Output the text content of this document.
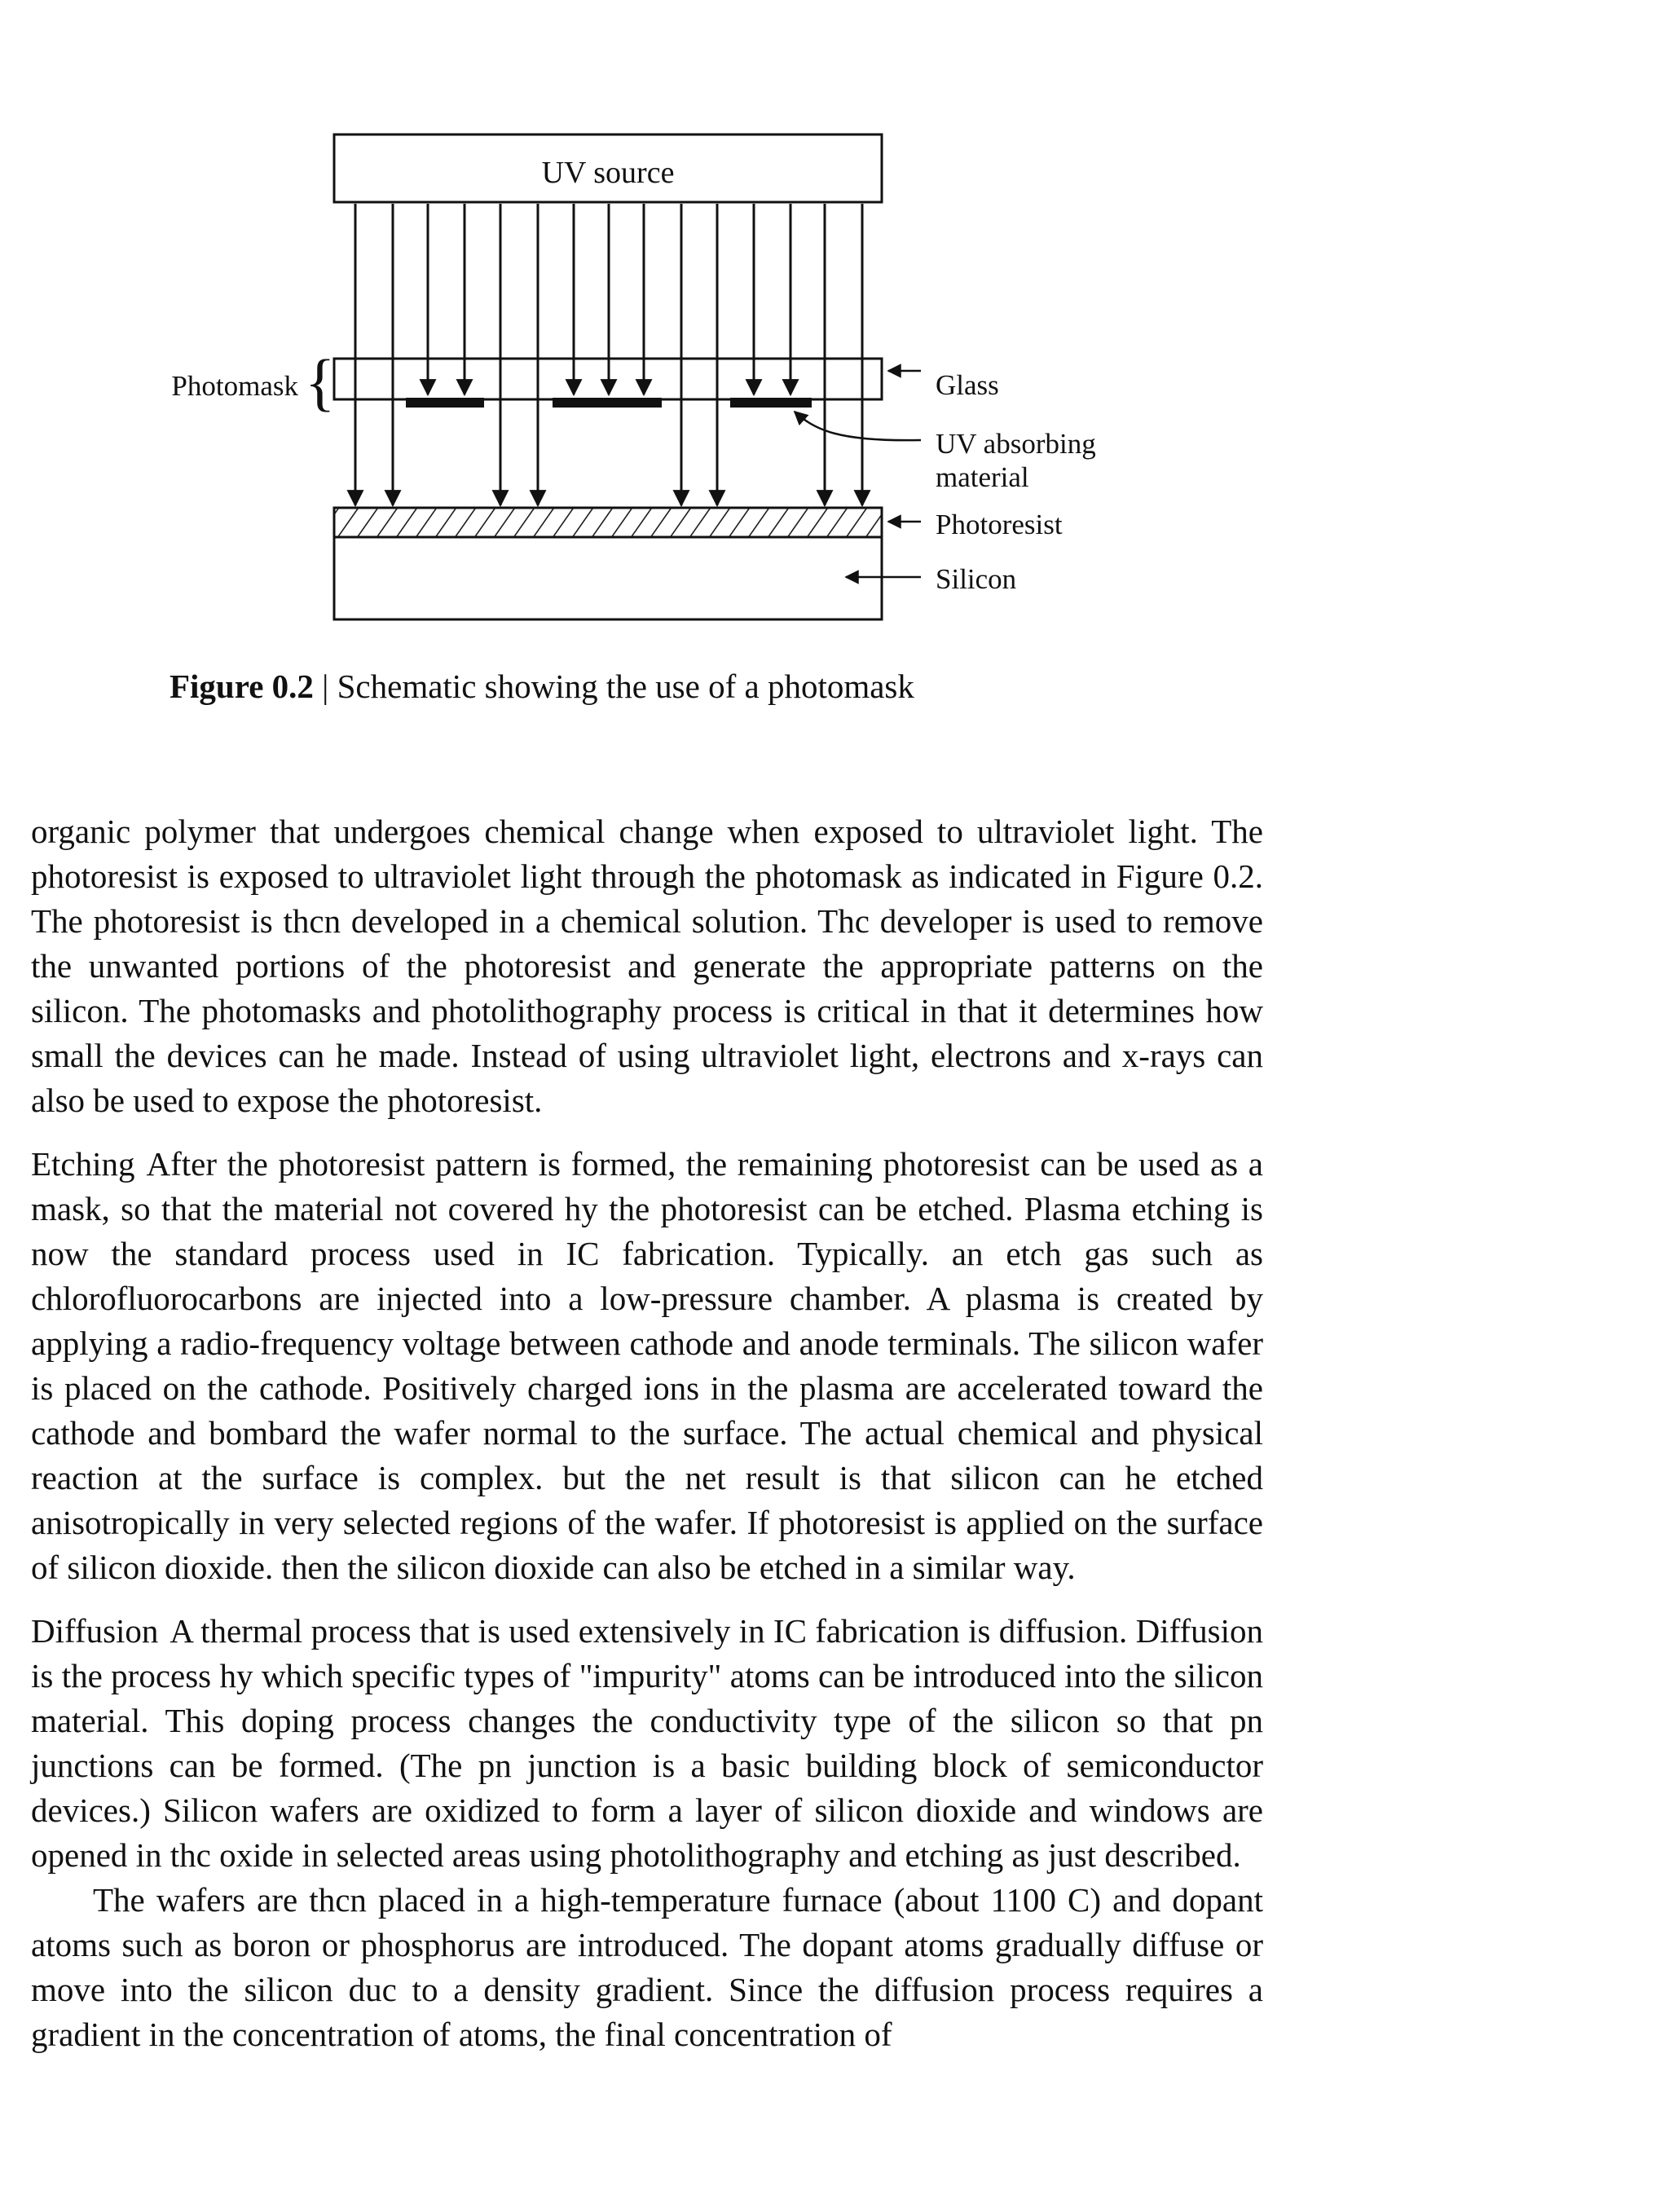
UV source
Photomask {	Glass
UV absorbing
material
Photoresist
Silicon
Figure 0.2 | Schematic showing the use of a photomask

organic polymer that undergoes chemical change when exposed to ultraviolet light. The photoresist is exposed to ultraviolet light through the photomask as indicated in Figure 0.2. The photoresist is thcn developed in a chemical solution. Thc developer is used to remove the unwanted portions of the photoresist and generate the appropriate patterns on the silicon. The photomasks and photolithography process is critical in that it determines how small the devices can he made. Instead of using ultraviolet light, electrons and x-rays can also be used to expose the photoresist.

Etching After the photoresist pattern is formed, the remaining photoresist can be used as a mask, so that the material not covered hy the photoresist can be etched. Plasma etching is now the standard process used in IC fabrication. Typically. an etch gas such as chlorofluorocarbons are injected into a low-pressure chamber. A plasma is created by applying a radio-frequency voltage between cathode and anode terminals. The silicon wafer is placed on the cathode. Positively charged ions in the plasma are accelerated toward the cathode and bombard the wafer normal to the surface. The actual chemical and physical reaction at the surface is complex. but the net result is that silicon can he etched anisotropically in very selected regions of the wafer. If photoresist is applied on the surface of silicon dioxide. then the silicon dioxide can also be etched in a similar way.

Diffusion A thermal process that is used extensively in IC fabrication is diffusion. Diffusion is the process hy which specific types of "impurity" atoms can be introduced into the silicon material. This doping process changes the conductivity type of the silicon so that pn junctions can be formed. (The pn junction is a basic building block of semiconductor devices.) Silicon wafers are oxidized to form a layer of silicon dioxide and windows are opened in thc oxide in selected areas using photolithography and etching as just described.

The wafers are thcn placed in a high-temperature furnace (about 1100 C) and dopant atoms such as boron or phosphorus are introduced. The dopant atoms gradually diffuse or move into the silicon duc to a density gradient. Since the diffusion process requires a gradient in the concentration of atoms, the final concentration of
